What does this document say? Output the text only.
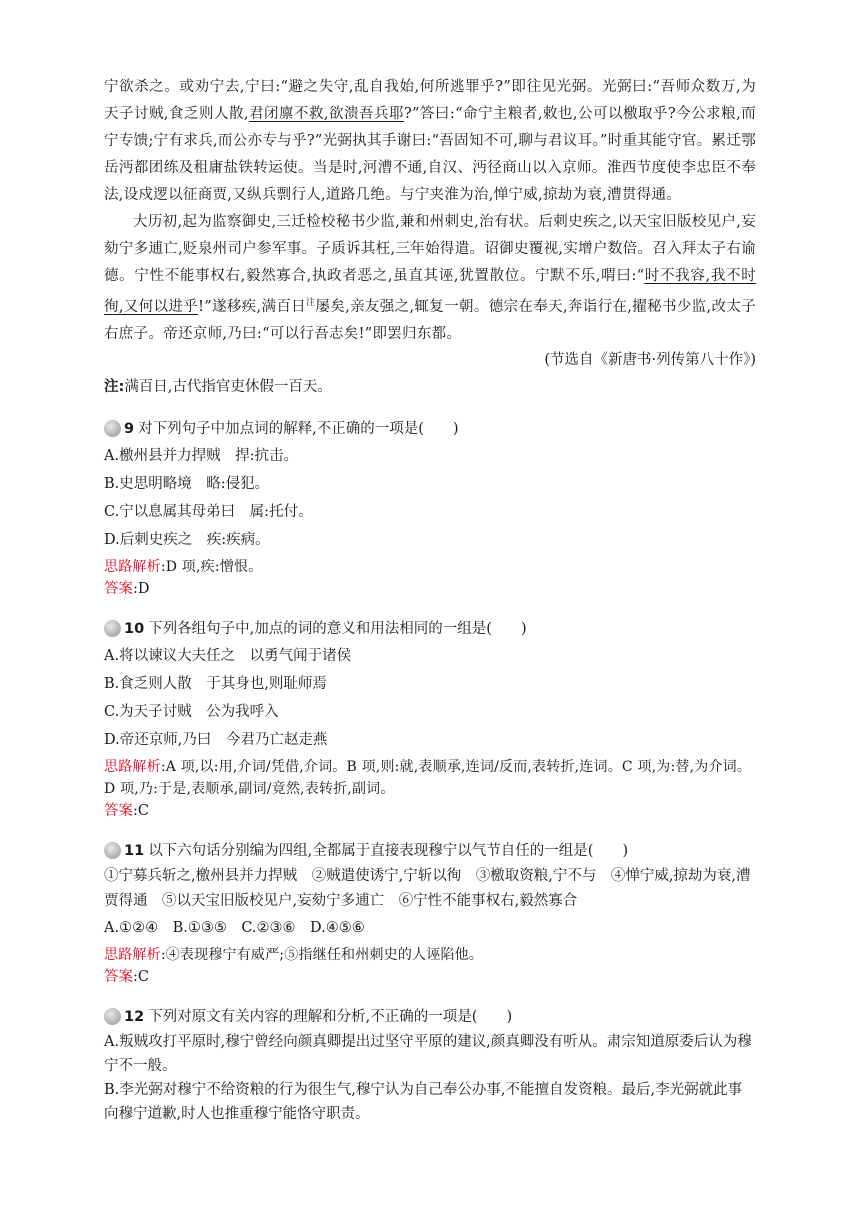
宁欲杀之。或劝宁去,宁曰:“避之失守,乱自我始,何所逃罪乎?”即往见光弼。光弼曰:“吾师众数万,为天子讨贼,食乏则人散,君闭廪不救,欲溃吾兵耶?”答曰:“命宁主粮者,敕也,公可以檄取乎?今公求粮,而宁专馈;宁有求兵,而公亦专与乎?”光弼执其手谢曰:“吾固知不可,聊与君议耳。”时重其能守官。累迁鄂岳沔都团练及租庸盐铁转运使。当是时,河漕不通,自汉、沔径商山以入京师。淮西节度使李忠臣不奉法,设戍逻以征商贾,又纵兵剽行人,道路几绝。与宁夹淮为治,惮宁威,掠劫为衰,漕贯得通。

大历初,起为监察御史,三迁检校秘书少监,兼和州刺史,治有状。后刺史疾之,以天宝旧版校见户,妄劾宁多逋亡,贬泉州司户参军事。子质诉其枉,三年始得遣。诏御史覆视,实增户数倍。召入拜太子右谕德。宁性不能事权右,毅然寡合,执政者恶之,虽直其诬,犹置散位。宁默不乐,喟曰:“时不我容,我不时徇,又何以进乎!”遂移疾,满百日$^注$屡矣,亲友强之,辄复一朝。德宗在奉天,奔诣行在,擢秘书少监,改太子右庶子。帝还京师,乃曰:“可以行吾志矣!”即罢归东都。

(节选自《新唐书·列传第八十作》)
注:满百日,古代指官吏休假一百天。
9 对下列句子中加点词的解释,不正确的一项是(　　)

A.檄州县并力捍贼　捍:抗击。

B.史思明略境　略:侵犯。

C.宁以息属其母弟曰　属:托付。

D.后刺史疾之　疾:疾病。

思路解析:D 项,疾:憎恨。

答案:D

10 下列各组句子中,加点的词的意义和用法相同的一组是(　　)

A.将以谏议大夫任之　以勇气闻于诸侯

B.食乏则人散　于其身也,则耻师焉

C.为天子讨贼　公为我呼入

D.帝还京师,乃曰　今君乃亡赵走燕

思路解析:A 项,以:用,介词/凭借,介词。B 项,则:就,表顺承,连词/反而,表转折,连词。C 项,为:替,为介词。D 项,乃:于是,表顺承,副词/竟然,表转折,副词。

答案:C

11 以下六句话分别编为四组,全都属于直接表现穆宁以气节自任的一组是(　　)

①宁募兵斩之,檄州县并力捍贼　②贼遣使诱宁,宁斩以徇　③檄取资粮,宁不与　④惮宁威,掠劫为衰,漕贾得通　⑤以天宝旧版校见户,妄劾宁多逋亡　⑥宁性不能事权右,毅然寡合

A.①②④　B.①③⑤　C.②③⑥　D.④⑤⑥

思路解析:④表现穆宁有威严;⑤指继任和州刺史的人诬陷他。

答案:C

12 下列对原文有关内容的理解和分析,不正确的一项是(　　)

A.叛贼攻打平原时,穆宁曾经向颜真卿提出过坚守平原的建议,颜真卿没有听从。肃宗知道原委后认为穆宁不一般。

B.李光弼对穆宁不给资粮的行为很生气,穆宁认为自己奉公办事,不能擅自发资粮。最后,李光弼就此事向穆宁道歉,时人也推重穆宁能恪守职责。
